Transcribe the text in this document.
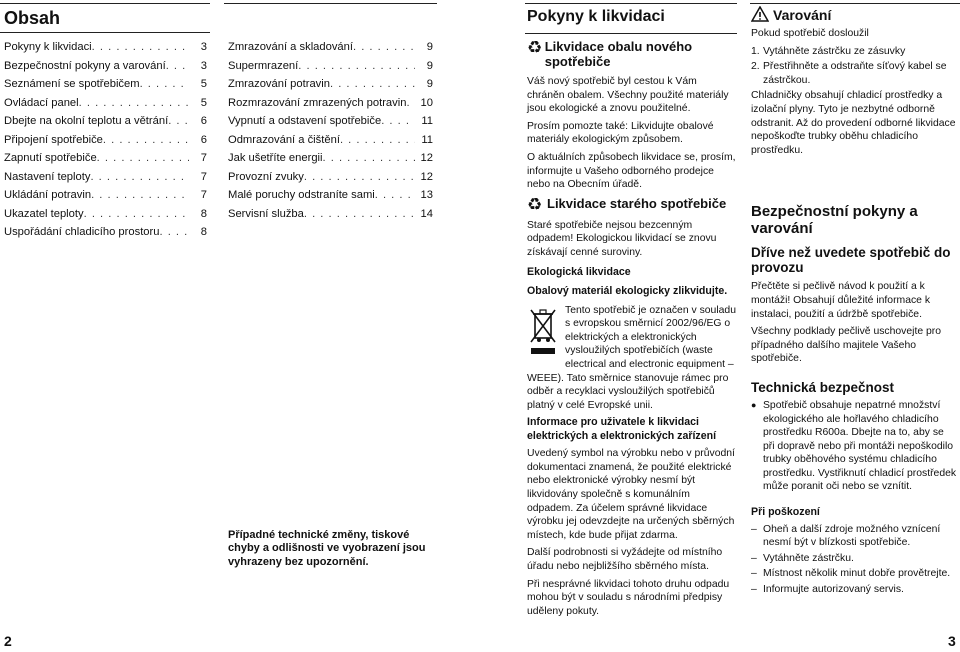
Obsah
Pokyny k likvidaci . . .	3
Bezpečnostní pokyny a varování . . .	3
Seznámení se spotřebičem . . .	5
Ovládací panel . . .	5
Dbejte na okolní teplotu a větrání . . .	6
Připojení spotřebiče . . .	6
Zapnutí spotřebiče . . .	7
Nastavení teploty . . .	7
Ukládání potravin . . .	7
Ukazatel teploty . . .	8
Uspořádání chladicího prostoru . . .	8
Zmrazování a skladování . . .	9
Supermrazení . . .	9
Zmrazování potravin . . .	9
Rozmrazování zmrazených potravin . . .	10
Vypnutí a odstavení spotřebiče . . .	11
Odmrazování a čištění . . .	11
Jak ušetříte energii . . .	12
Provozní zvuky . . .	12
Malé poruchy odstraníte sami . . .	13
Servisní služba . . .	14
Případné technické změny, tiskové chyby a odlišnosti ve vyobrazení jsou vyhrazeny bez upozornění.
2
Pokyny k likvidaci
♻ Likvidace obalu nového spotřebiče

Váš nový spotřebič byl cestou k Vám chráněn obalem. Všechny použité materiály jsou ekologické a znovu použitelné.

Prosím pomozte také: Likvidujte obalové materiály ekologickým způsobem.

O aktuálních způsobech likvidace se, prosím, informujte u Vašeho odborného prodejce nebo na Obecním úřadě.

♻ Likvidace starého spotřebiče

Staré spotřebiče nejsou bezcenným odpadem! Ekologickou likvidací se znovu získávají cenné suroviny.

Ekologická likvidace
Obalový materiál ekologicky zlikvidujte.

Tento spotřebič je označen v souladu s evropskou směrnicí 2002/96/EG o elektrických a elektronických vysloužilých spotřebičích (waste electrical and electronic equipment – WEEE). Tato směrnice stanovuje rámec pro odběr a recyklaci vysloužilých spotřebičů platný v celé Evropské unii.

Informace pro uživatele k likvidaci elektrických a elektronických zařízení

Uvedený symbol na výrobku nebo v průvodní dokumentaci znamená, že použité elektrické nebo elektronické výrobky nesmí být likvidovány společně s komunálním odpadem. Za účelem správné likvidace výrobku jej odevzdejte na určených sběrných místech, kde bude přijat zdarma.

Další podrobnosti si vyžádejte od místního úřadu nebo nejbližšího sběrného místa.

Při nesprávné likvidaci tohoto druhu odpadu mohou být v souladu s národními předpisy uděleny pokuty.

Varování

Pokud spotřebič dosloužil

1. Vytáhněte zástrčku ze zásuvky
2. Přestřihněte a odstraňte síťový kabel se zástrčkou.

Chladničky obsahují chladicí prostředky a izolační plyny. Tyto je nezbytné odborně odstranit. Až do provedení odborné likvidace nepoškoďte trubky oběhu chladicího prostředku.

Bezpečnostní pokyny a varování
Dříve než uvedete spotřebič do provozu

Přečtěte si pečlivě návod k použití a k montáži! Obsahují důležité informace k instalaci, použití a údržbě spotřebiče.

Všechny podklady pečlivě uschovejte pro případného dalšího majitele Vašeho spotřebiče.

Technická bezpečnost
● Spotřebič obsahuje nepatrné množství ekologického ale hořlavého chladicího prostředku R600a. Dbejte na to, aby se při dopravě nebo při montáži nepoškodilo trubky oběhového systému chladicího prostředku. Vystřiknutí chladicí prostředek může poranit oči nebo se vznítit.
Při poškození
– Oheň a další zdroje možného vznícení nesmí být v blízkosti spotřebiče.
– Vytáhněte zástrčku.
– Místnost několik minut dobře provětrejte.
– Informujte autorizovaný servis.
3
